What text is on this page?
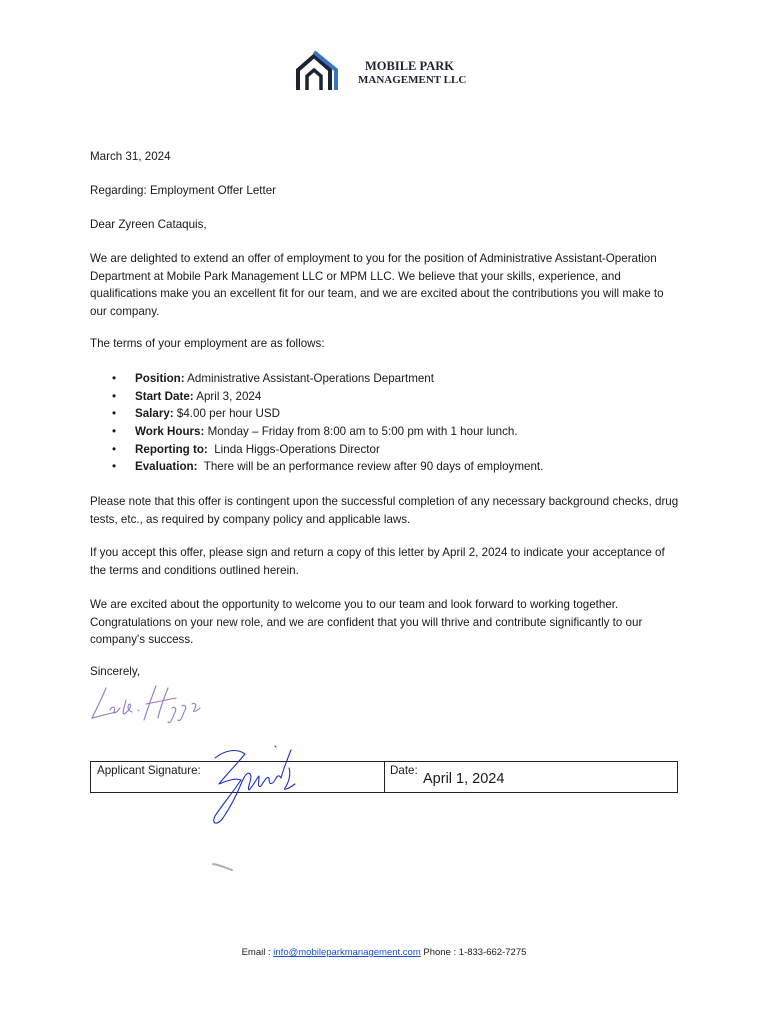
MOBILE PARK
MANAGEMENT LLC
March 31, 2024
Regarding: Employment Offer Letter
Dear Zyreen Cataquis,
We are delighted to extend an offer of employment to you for the position of Administrative Assistant-Operation
Department at Mobile Park Management LLC or MPM LLC. We believe that your skills, experience, and
qualifications make you an excellent fit for our team, and we are excited about the contributions you will make to
our company.
The terms of your employment are as follows:
• Position: Administrative Assistant-Operations Department
• Start Date: April 3, 2024
• Salary: $4.00 per hour USD
• Work Hours: Monday – Friday from 8:00 am to 5:00 pm with 1 hour lunch.
• Reporting to:  Linda Higgs-Operations Director
• Evaluation:  There will be an performance review after 90 days of employment.
Please note that this offer is contingent upon the successful completion of any necessary background checks, drug
tests, etc., as required by company policy and applicable laws.
If you accept this offer, please sign and return a copy of this letter by April 2, 2024 to indicate your acceptance of
the terms and conditions outlined herein.
We are excited about the opportunity to welcome you to our team and look forward to working together.
Congratulations on your new role, and we are confident that you will thrive and contribute significantly to our
company's success.
Sincerely,
Applicant Signature:	Date:
April 1, 2024
Email : info@mobileparkmanagement.com Phone : 1-833-662-7275
